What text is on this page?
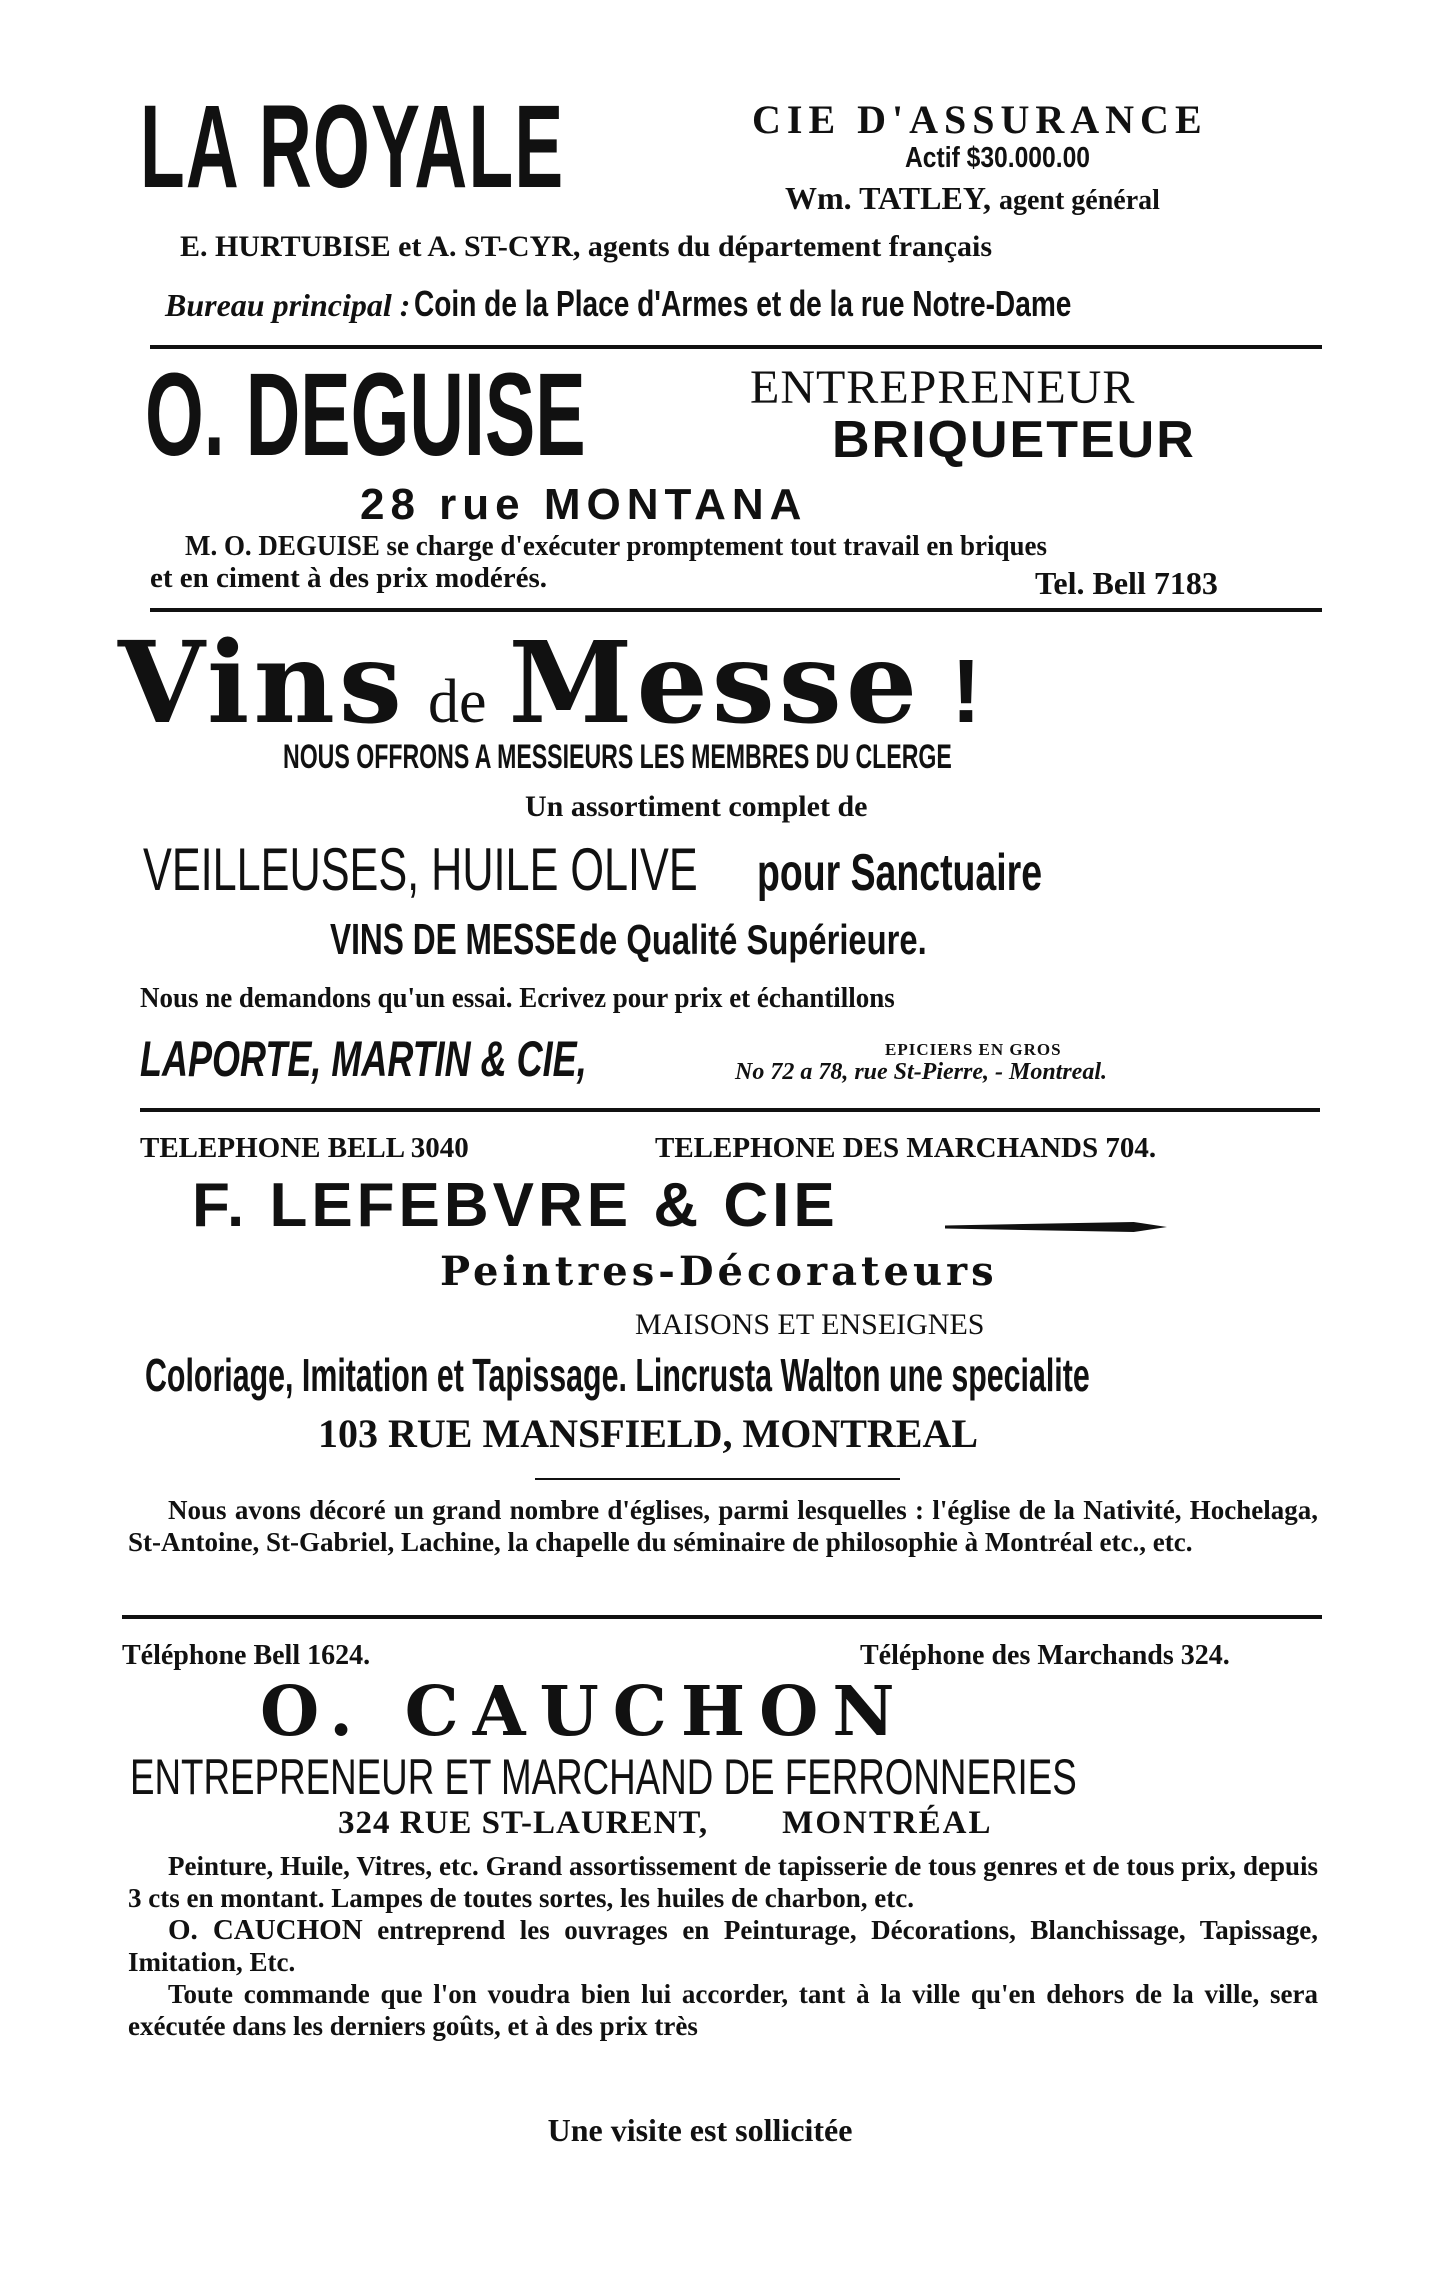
LA ROYALE	CIE D'ASSURANCE
Actif $30.000.00
Wm. TATLEY, agent général
E. HURTUBISE et A. ST-CYR, agents du département français
Bureau principal : Coin de la Place d'Armes et de la rue Notre-Dame
O. DEGUISE	ENTREPRENEUR
BRIQUETEUR
28 rue MONTANA
M. O. DEGUISE se charge d'exécuter promptement tout travail en briques
et en ciment à des prix modérés.	Tel. Bell 7183
Vins de Messe !
NOUS OFFRONS A MESSIEURS LES MEMBRES DU CLERGE
Un assortiment complet de
VEILLEUSES, HUILE OLIVE pour Sanctuaire
VINS DE MESSE de Qualité Supérieure.
Nous ne demandons qu'un essai. Ecrivez pour prix et échantillons
LAPORTE, MARTIN & CIE,	EPICIERS EN GROS
No 72 a 78, rue St-Pierre, - Montreal.
TELEPHONE BELL 3040	TELEPHONE DES MARCHANDS 704.
F. LEFEBVRE & CIE
Peintres-Décorateurs
MAISONS ET ENSEIGNES
Coloriage, Imitation et Tapissage. Lincrusta Walton une specialite
103 RUE MANSFIELD, MONTREAL

Nous avons décoré un grand nombre d'églises, parmi lesquelles : l'église de la Nativité, Hochelaga, St-Antoine, St-Gabriel, Lachine, la chapelle du séminaire de philosophie à Montréal etc., etc.

Téléphone Bell 1624.	Téléphone des Marchands 324.
O. CAUCHON
ENTREPRENEUR ET MARCHAND DE FERRONNERIES
324 RUE ST-LAURENT, MONTRÉAL

Peinture, Huile, Vitres, etc. Grand assortissement de tapisserie de tous genres et de tous prix, depuis 3 cts en montant. Lampes de toutes sortes, les huiles de charbon, etc.

O. CAUCHON entreprend les ouvrages en Peinturage, Décorations, Blanchissage, Tapissage, Imitation, Etc.

Toute commande que l'on voudra bien lui accorder, tant à la ville qu'en dehors de la ville, sera exécutée dans les derniers goûts, et à des prix très

Une visite est sollicitée
